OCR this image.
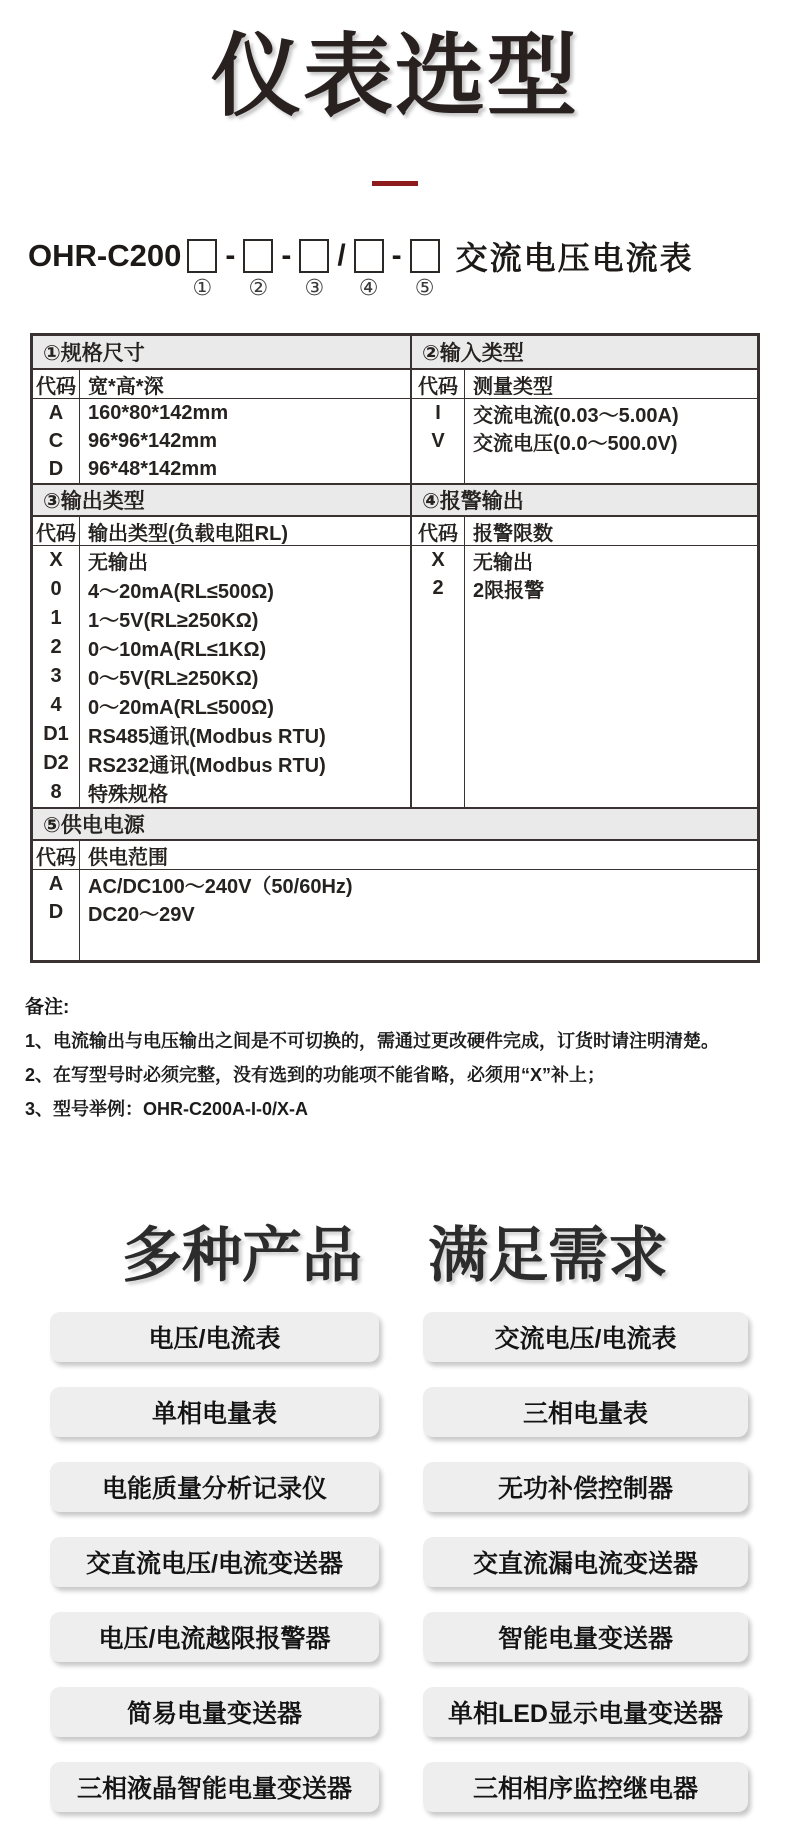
仪表选型
OHR-C200
①
-
②
-
③
/
④
-
⑤
交流电压电流表
①规格尺寸	②输入类型
代码 宽*高*深
A	160*80*142mm
C	96*96*142mm
D	96*48*142mm
代码 测量类型
I	交流电流(0.03～5.00A)
V	交流电压(0.0～500.0V)
③输出类型	④报警输出
代码 输出类型(负载电阻RL)
X	无输出
0	4～20mA(RL≤500Ω)
1	1～5V(RL≥250KΩ)
2	0～10mA(RL≤1KΩ)
3	0～5V(RL≥250KΩ)
4	0～20mA(RL≤500Ω)
D1 RS485通讯(Modbus RTU)
D2 RS232通讯(Modbus RTU)
8	特殊规格
代码 报警限数
X	无输出
2	2限报警
⑤供电电源
代码 供电范围
A	AC/DC100～240V（50/60Hz)
D	DC20～29V
备注:
1、电流输出与电压输出之间是不可切换的，需通过更改硬件完成，订货时请注明清楚。
2、在写型号时必须完整，没有选到的功能项不能省略，必须用“X”补上；
3、型号举例：OHR-C200A-I-0/X-A
多种产品 满足需求
电压/电流表	交流电压/电流表
单相电量表	三相电量表
电能质量分析记录仪	无功补偿控制器
交直流电压/电流变送器	交直流漏电流变送器
电压/电流越限报警器	智能电量变送器
简易电量变送器	单相LED显示电量变送器
三相液晶智能电量变送器	三相相序监控继电器
